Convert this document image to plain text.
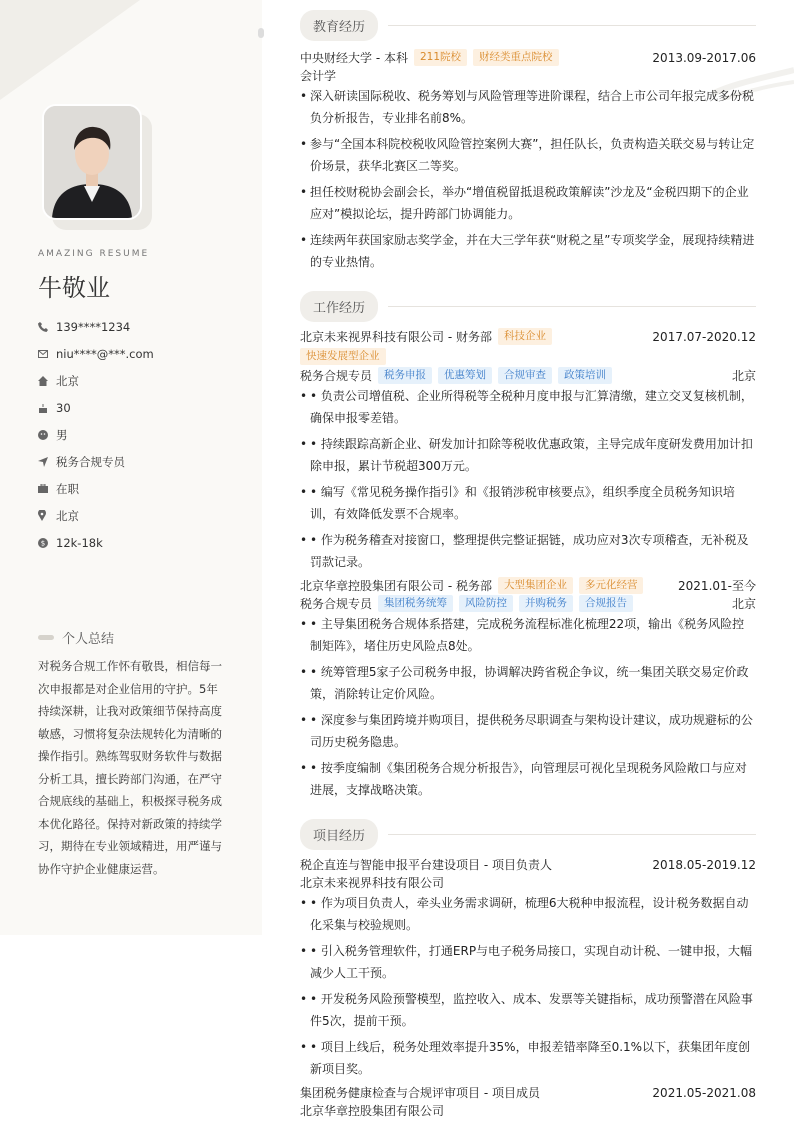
AMAZING RESUME
牛敬业
139****1234
niu****@***.com
北京
30
男
税务合规专员
在职
北京
$ 12k-18k
个人总结
对税务合规工作怀有敬畏，相信每一次申报都是对企业信用的守护。5年持续深耕，让我对政策细节保持高度敏感，习惯将复杂法规转化为清晰的操作指引。熟练驾驭财务软件与数据分析工具，擅长跨部门沟通，在严守合规底线的基础上，积极探寻税务成本优化路径。保持对新政策的持续学习，期待在专业领域精进，用严谨与协作守护企业健康运营。
教育经历
中央财经大学 - 本科	211院校	财经类重点院校	2013.09-2017.06
会计学
• 深入研读国际税收、税务筹划与风险管理等进阶课程，结合上市公司年报完成多份税负分析报告，专业排名前8%。
• 参与“全国本科院校税收风险管控案例大赛”，担任队长，负责构造关联交易与转让定价场景，获华北赛区二等奖。
• 担任校财税协会副会长，举办“增值税留抵退税政策解读”沙龙及“金税四期下的企业应对”模拟论坛，提升跨部门协调能力。
• 连续两年获国家励志奖学金，并在大三学年获“财税之星”专项奖学金，展现持续精进的专业热情。
工作经历
北京未来视界科技有限公司 - 财务部	科技企业	2017.07-2020.12
快速发展型企业
税务合规专员	税务申报	优惠筹划	合规审查	政策培训	北京
• • 负责公司增值税、企业所得税等全税种月度申报与汇算清缴，建立交叉复核机制，确保申报零差错。
• • 持续跟踪高新企业、研发加计扣除等税收优惠政策，主导完成年度研发费用加计扣除申报，累计节税超300万元。
• • 编写《常见税务操作指引》和《报销涉税审核要点》，组织季度全员税务知识培训，有效降低发票不合规率。
• • 作为税务稽查对接窗口，整理提供完整证据链，成功应对3次专项稽查，无补税及罚款记录。
北京华章控股集团有限公司 - 税务部	大型集团企业	多元化经营	2021.01-至今
税务合规专员	集团税务统筹	风险防控	并购税务	合规报告	北京
• • 主导集团税务合规体系搭建，完成税务流程标准化梳理22项，输出《税务风险控制矩阵》，堵住历史风险点8处。
• • 统筹管理5家子公司税务申报，协调解决跨省税企争议，统一集团关联交易定价政策，消除转让定价风险。
• • 深度参与集团跨境并购项目，提供税务尽职调查与架构设计建议，成功规避标的公司历史税务隐患。
• • 按季度编制《集团税务合规分析报告》，向管理层可视化呈现税务风险敞口与应对进展，支撑战略决策。
项目经历
税企直连与智能申报平台建设项目 - 项目负责人	2018.05-2019.12
北京未来视界科技有限公司
• • 作为项目负责人，牵头业务需求调研，梳理6大税种申报流程，设计税务数据自动化采集与校验规则。
• • 引入税务管理软件，打通ERP与电子税务局接口，实现自动计税、一键申报，大幅减少人工干预。
• • 开发税务风险预警模型，监控收入、成本、发票等关键指标，成功预警潜在风险事件5次，提前干预。
• • 项目上线后，税务处理效率提升35%，申报差错率降至0.1%以下，获集团年度创新项目奖。
集团税务健康检查与合规评审项目 - 项目成员	2021.05-2021.08
北京华章控股集团有限公司
